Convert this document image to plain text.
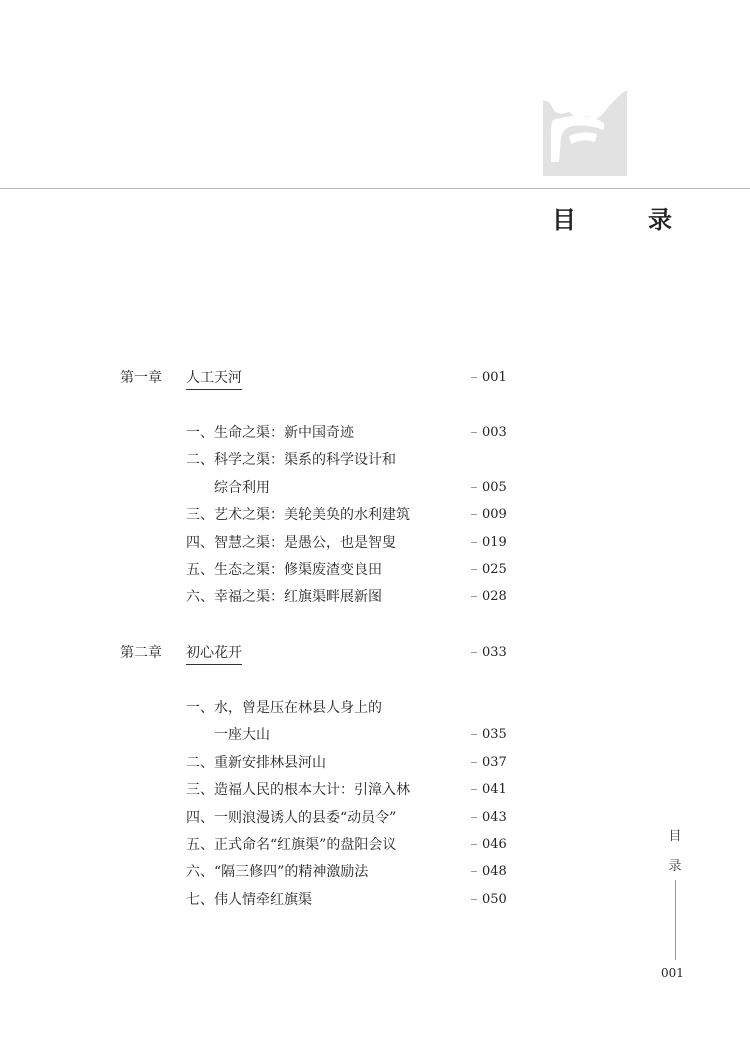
目　录
第一章 人工天河	001
一、生命之渠：新中国奇迹	003
二、科学之渠：渠系的科学设计和
综合利用	005
三、艺术之渠：美轮美奂的水利建筑	009
四、智慧之渠：是愚公，也是智叟	019
五、生态之渠：修渠废渣变良田	025
六、幸福之渠：红旗渠畔展新图	028
第二章 初心花开	033
一、水，曾是压在林县人身上的
一座大山	035
二、重新安排林县河山	037
三、造福人民的根本大计：引漳入林	041
四、一则浪漫诱人的县委“动员令”	043
五、正式命名“红旗渠”的盘阳会议	046
六、“隔三修四”的精神激励法	048
七、伟人情牵红旗渠	050
目
录
001
